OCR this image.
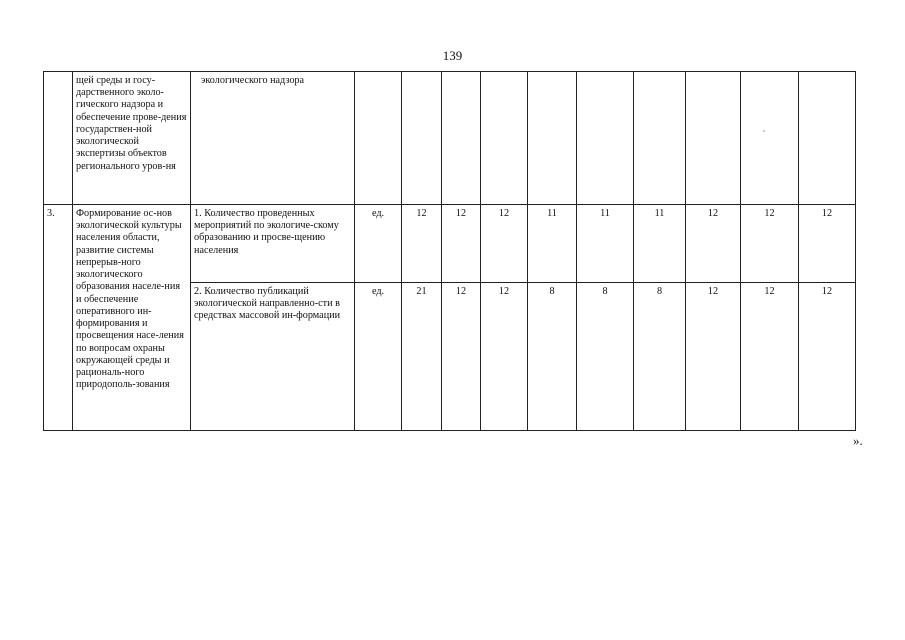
139
	щей среды и госу-дарственного эколо-гического надзора и обеспечение прове-дения государствен-ной экологической экспертизы объектов регионального уров-ня	экологического надзора										
3.	Формирование ос-нов экологической культуры населения области, развитие системы непрерыв-ного экологического образования населе-ния и обеспечение оперативного ин-формирования и просвещения насе-ления по вопросам охраны окружающей среды и рациональ-ного природополь-зования	1. Количество проведенных мероприятий по экологиче-скому образованию и просве-щению населения	ед.	12	12	12	11	11	11	12	12	12
		2. Количество публикаций экологической направленно-сти в средствах массовой ин-формации	ед.	21	12	12	8	8	8	12	12	12
».
